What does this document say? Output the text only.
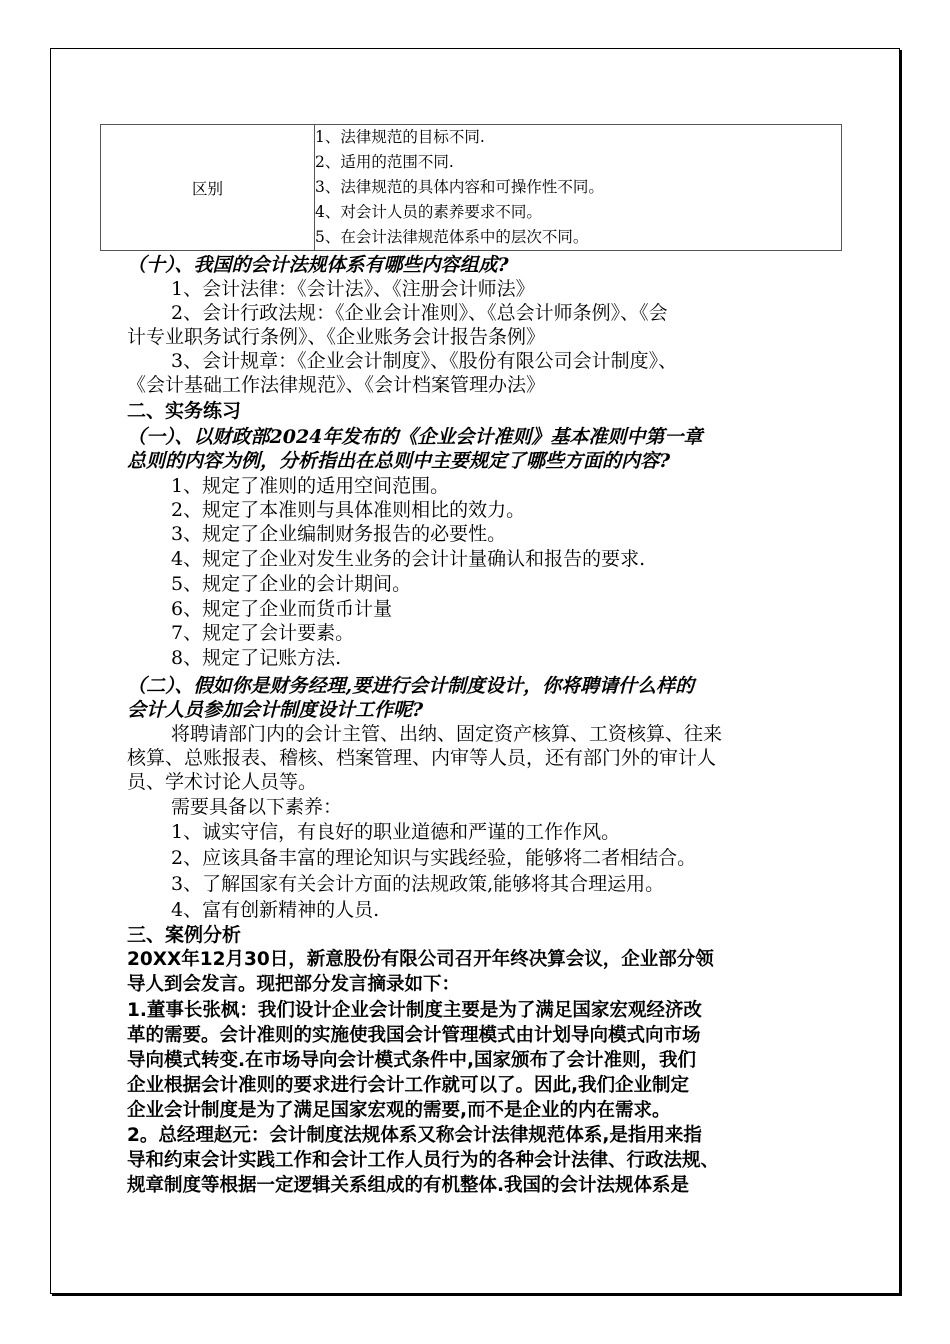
区别	
1、法律规范的目标不同.
2、适用的范围不同.
3、法律规范的具体内容和可操作性不同。
4、对会计人员的素养要求不同。
5、在会计法律规范体系中的层次不同。
（十）、我国的会计法规体系有哪些内容组成?
1、会计法律：《会计法》、《注册会计师法》
2、会计行政法规：《企业会计准则》、《总会计师条例》、《会
计专业职务试行条例》、《企业账务会计报告条例》
3、会计规章：《企业会计制度》、《股份有限公司会计制度》、
《会计基础工作法律规范》、《会计档案管理办法》
二、实务练习
（一）、以财政部2024年发布的《企业会计准则》基本准则中第一章
总则的内容为例，分析指出在总则中主要规定了哪些方面的内容?
1、规定了准则的适用空间范围。
2、规定了本准则与具体准则相比的效力。
3、规定了企业编制财务报告的必要性。
4、规定了企业对发生业务的会计计量确认和报告的要求.
5、规定了企业的会计期间。
6、规定了企业而货币计量
7、规定了会计要素。
8、规定了记账方法.
（二）、假如你是财务经理,要进行会计制度设计，你将聘请什么样的
会计人员参加会计制度设计工作呢?
将聘请部门内的会计主管、出纳、固定资产核算、工资核算、往来
核算、总账报表、稽核、档案管理、内审等人员，还有部门外的审计人
员、学术讨论人员等。
需要具备以下素养：
1、诚实守信，有良好的职业道德和严谨的工作作风。
2、应该具备丰富的理论知识与实践经验，能够将二者相结合。
3、了解国家有关会计方面的法规政策,能够将其合理运用。
4、富有创新精神的人员.
三、案例分析
20XX年12月30日，新意股份有限公司召开年终决算会议，企业部分领
导人到会发言。现把部分发言摘录如下：
1.董事长张枫：我们设计企业会计制度主要是为了满足国家宏观经济改
革的需要。会计准则的实施使我国会计管理模式由计划导向模式向市场
导向模式转变.在市场导向会计模式条件中,国家颁布了会计准则，我们
企业根据会计准则的要求进行会计工作就可以了。因此,我们企业制定
企业会计制度是为了满足国家宏观的需要,而不是企业的内在需求。
2。总经理赵元：会计制度法规体系又称会计法律规范体系,是指用来指
导和约束会计实践工作和会计工作人员行为的各种会计法律、行政法规、
规章制度等根据一定逻辑关系组成的有机整体.我国的会计法规体系是
